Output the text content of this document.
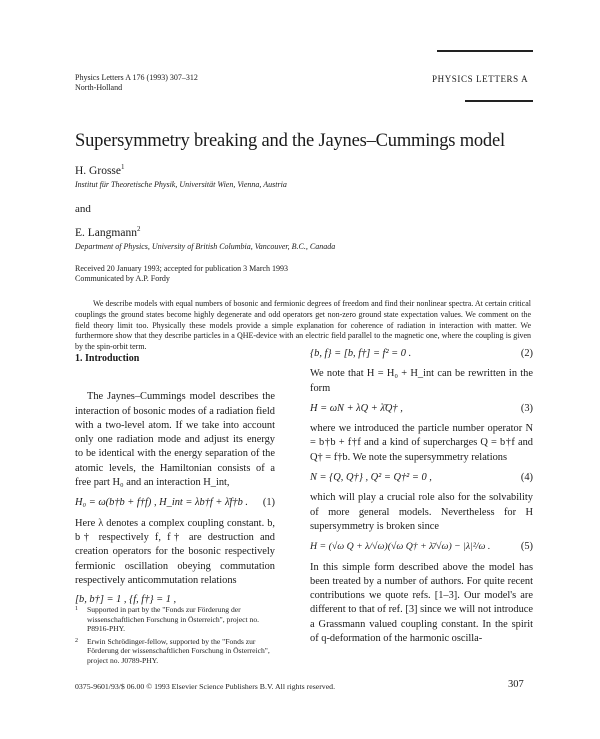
Physics Letters A 176 (1993) 307–312
North-Holland
PHYSICS LETTERS A
Supersymmetry breaking and the Jaynes–Cummings model
H. Grosse$^1$
Institut für Theoretische Physik, Universität Wien, Vienna, Austria
and
E. Langmann$^2$
Department of Physics, University of British Columbia, Vancouver, B.C., Canada
Received 20 January 1993; accepted for publication 3 March 1993
Communicated by A.P. Fordy
We describe models with equal numbers of bosonic and fermionic degrees of freedom and find their nonlinear spectra. At certain critical couplings the ground states become highly degenerate and odd operators get non-zero ground state expectation values. We comment on the field theory limit too. Physically these models provide a simple explanation for coherence of radiation in interaction with matter. We furthermore show that they describe particles in a QHE-device with an electric field parallel to the magnetic one, where the coupling is given by the spin-orbit term.
1. Introduction

The Jaynes–Cummings model describes the interaction of bosonic modes of a radiation field with a two-level atom. If we take into account only one radiation mode and adjust its energy to be identical with the energy separation of the atomic levels, the Hamiltonian consists of a free part H₀ and an interaction H_int,

H₀ = ω(b†b + f†f) , H_int = λb†f + λ̄f†b . (1)

Here λ denotes a complex coupling constant. b, b† respectively f, f† are destruction and creation operators for the bosonic respectively fermionic oscillation obeying commutation respectively anticommutation relations

[b, b†] = 1 , {f, f†} = 1 ,
1	Supported in part by the "Fonds zur Förderung der wissenschaftlichen Forschung in Österreich", project no. P8916-PHY.
2	Erwin Schrödinger-fellow, supported by the "Fonds zur Förderung der wissenschaftlichen Forschung in Österreich", project no. J0789-PHY.
{b, f} = [b, f†] = f² = 0 .	(2)

We note that H = H₀ + H_int can be rewritten in the form

H = ωN + λQ + λ̄Q† ,	(3)

where we introduced the particle number operator N = b†b + f†f and a kind of supercharges Q = b†f and Q† = f†b. We note the supersymmetry relations

N = {Q, Q†} , Q² = Q†² = 0 ,	(4)

which will play a crucial role also for the solvability of more general models. Nevertheless for H supersymmetry is broken since

H = (√ω Q + λ/√ω)(√ω Q† + λ̄/√ω) − |λ|²/ω .	(5)

In this simple form described above the model has been treated by a number of authors. For quite recent contributions we quote refs. [1–3]. Our model's are different to that of ref. [3] since we will not introduce a Grassmann valued coupling constant. In the spirit of q-deformation of the harmonic oscilla-

0375-9601/93/$ 06.00 © 1993 Elsevier Science Publishers B.V. All rights reserved.	307
